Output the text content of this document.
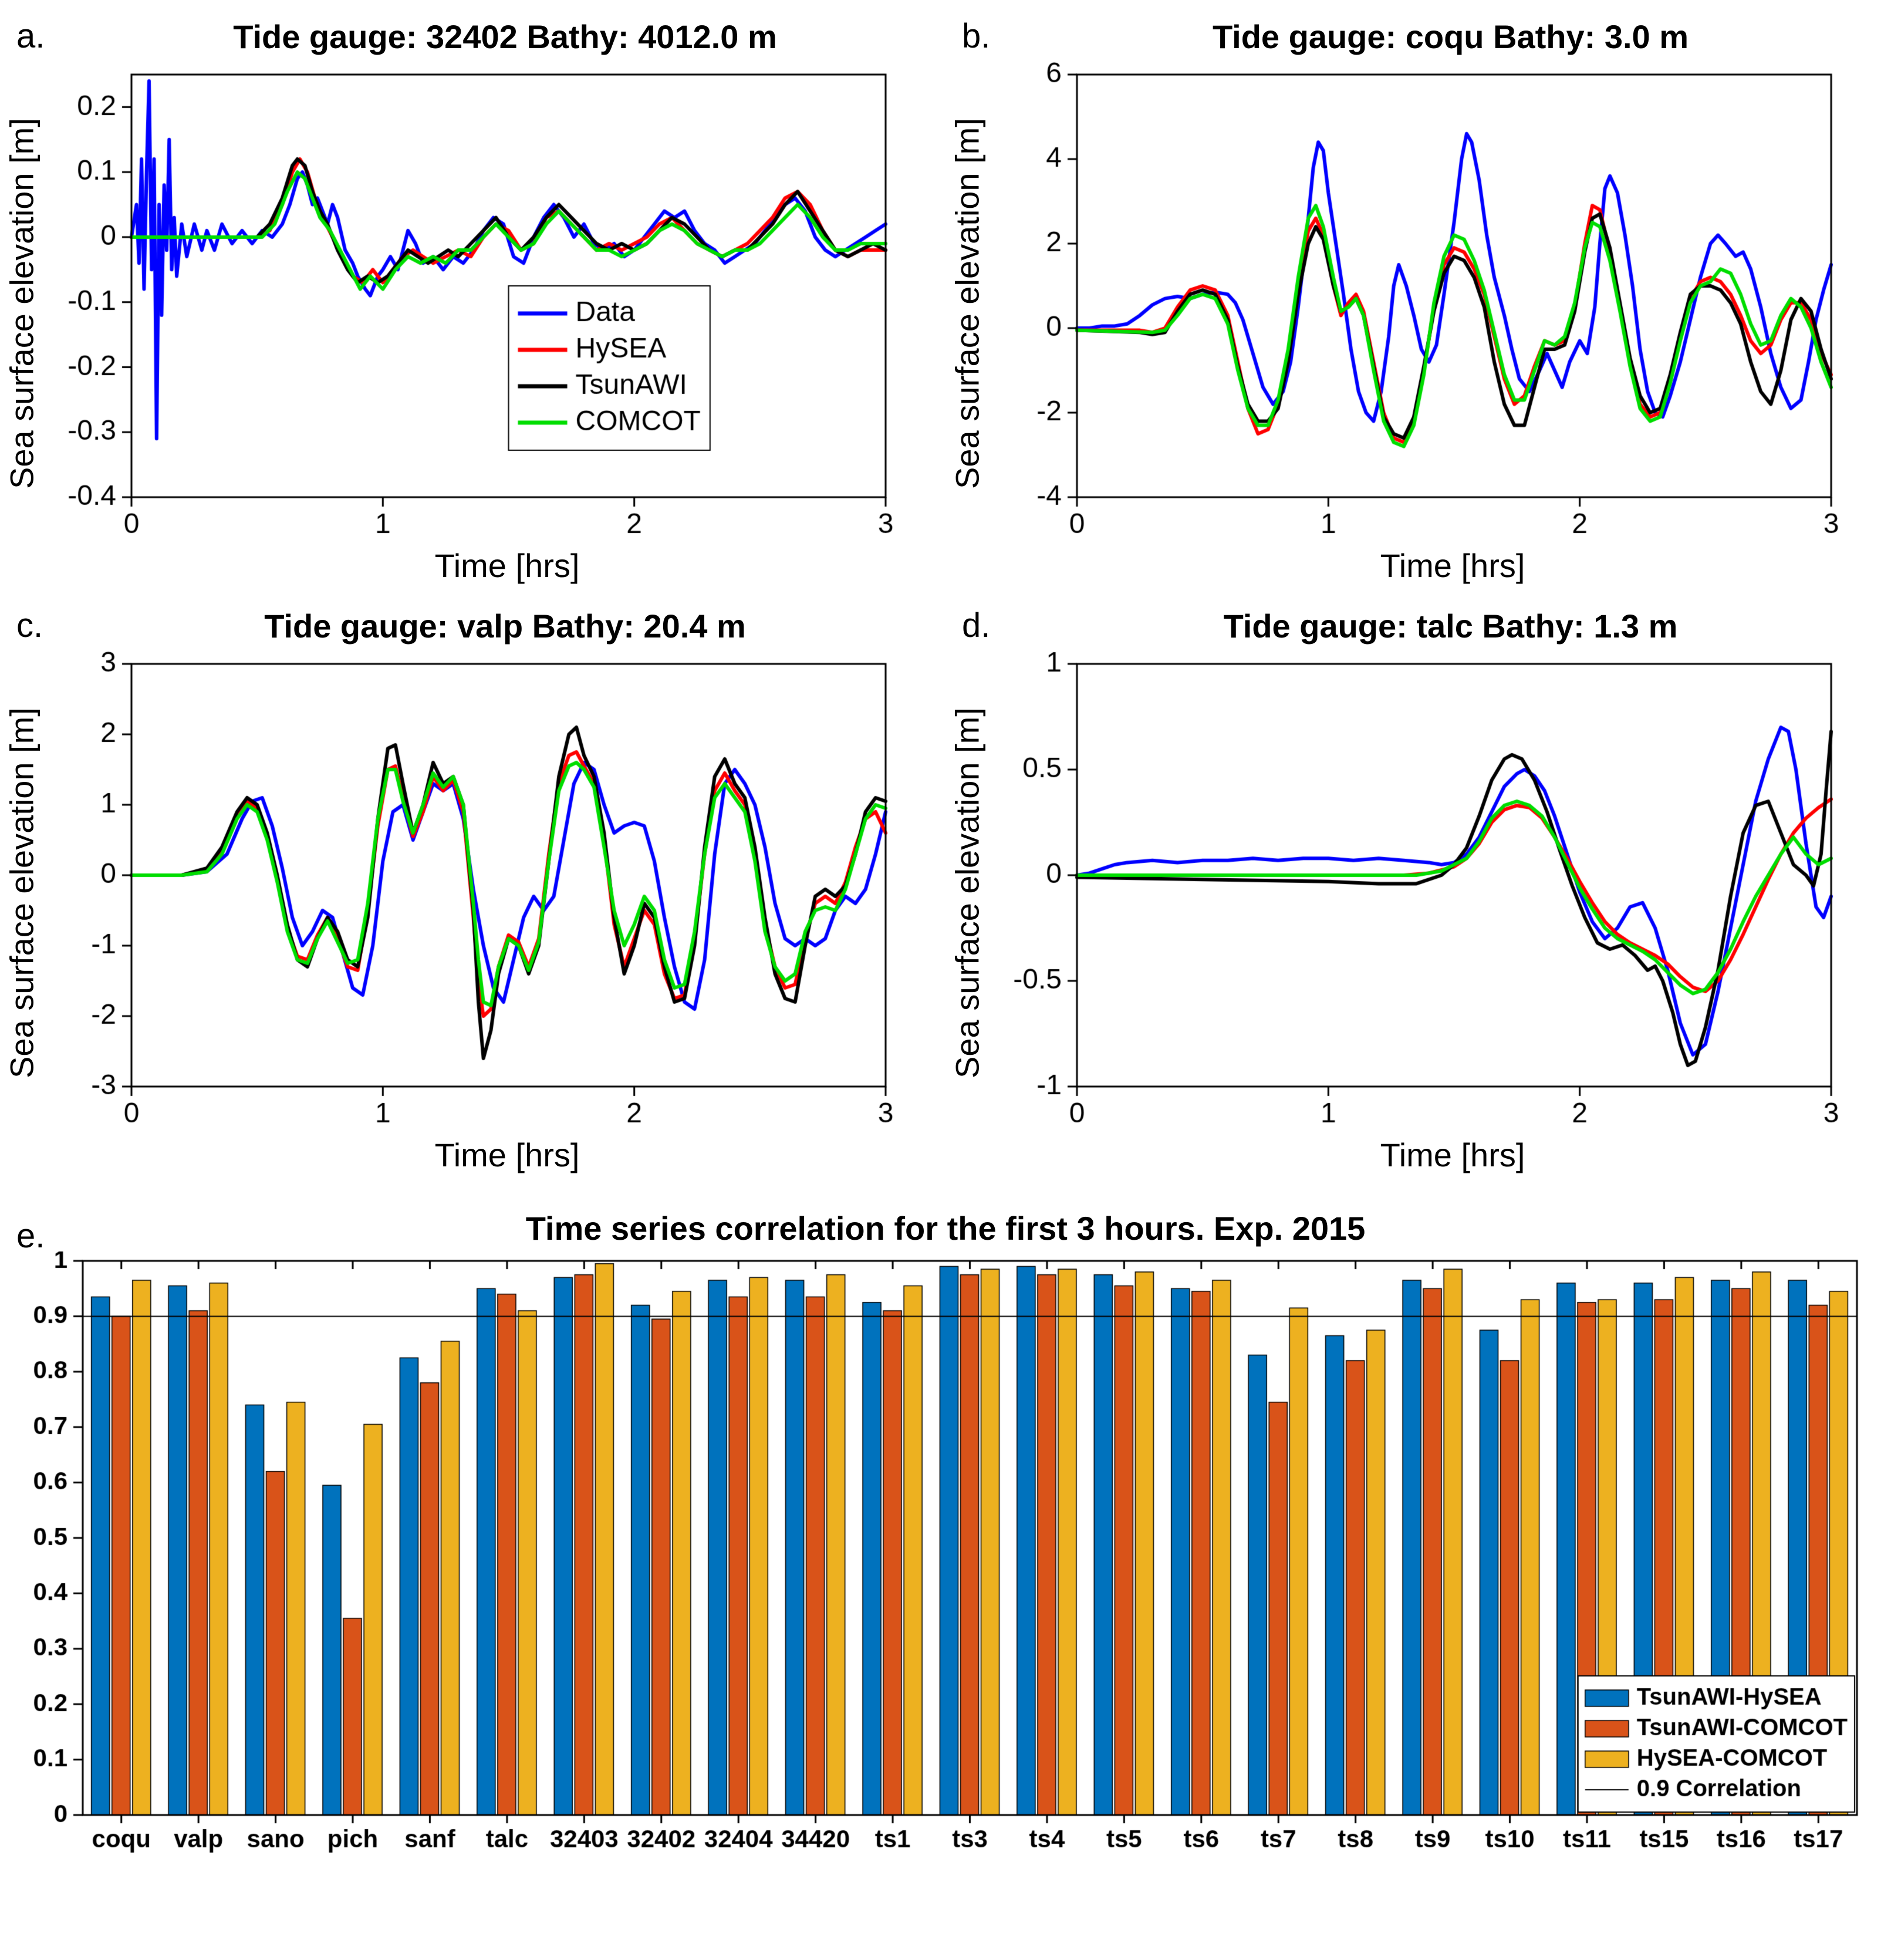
a.	Tide gauge: 32402 Bathy: 4012.0 m
Sea surface elevation [m]
Time [hrs]
b.	Tide gauge: coqu Bathy: 3.0 m
Sea surface elevation [m]
Time [hrs]
c.	Tide gauge: valp Bathy: 20.4 m
Sea surface elevation [m]
Time [hrs]
d.	Tide gauge: talc Bathy: 1.3 m
Sea surface elevation [m]
Time [hrs]
e.	Time series correlation for the first 3 hours. Exp. 2015
